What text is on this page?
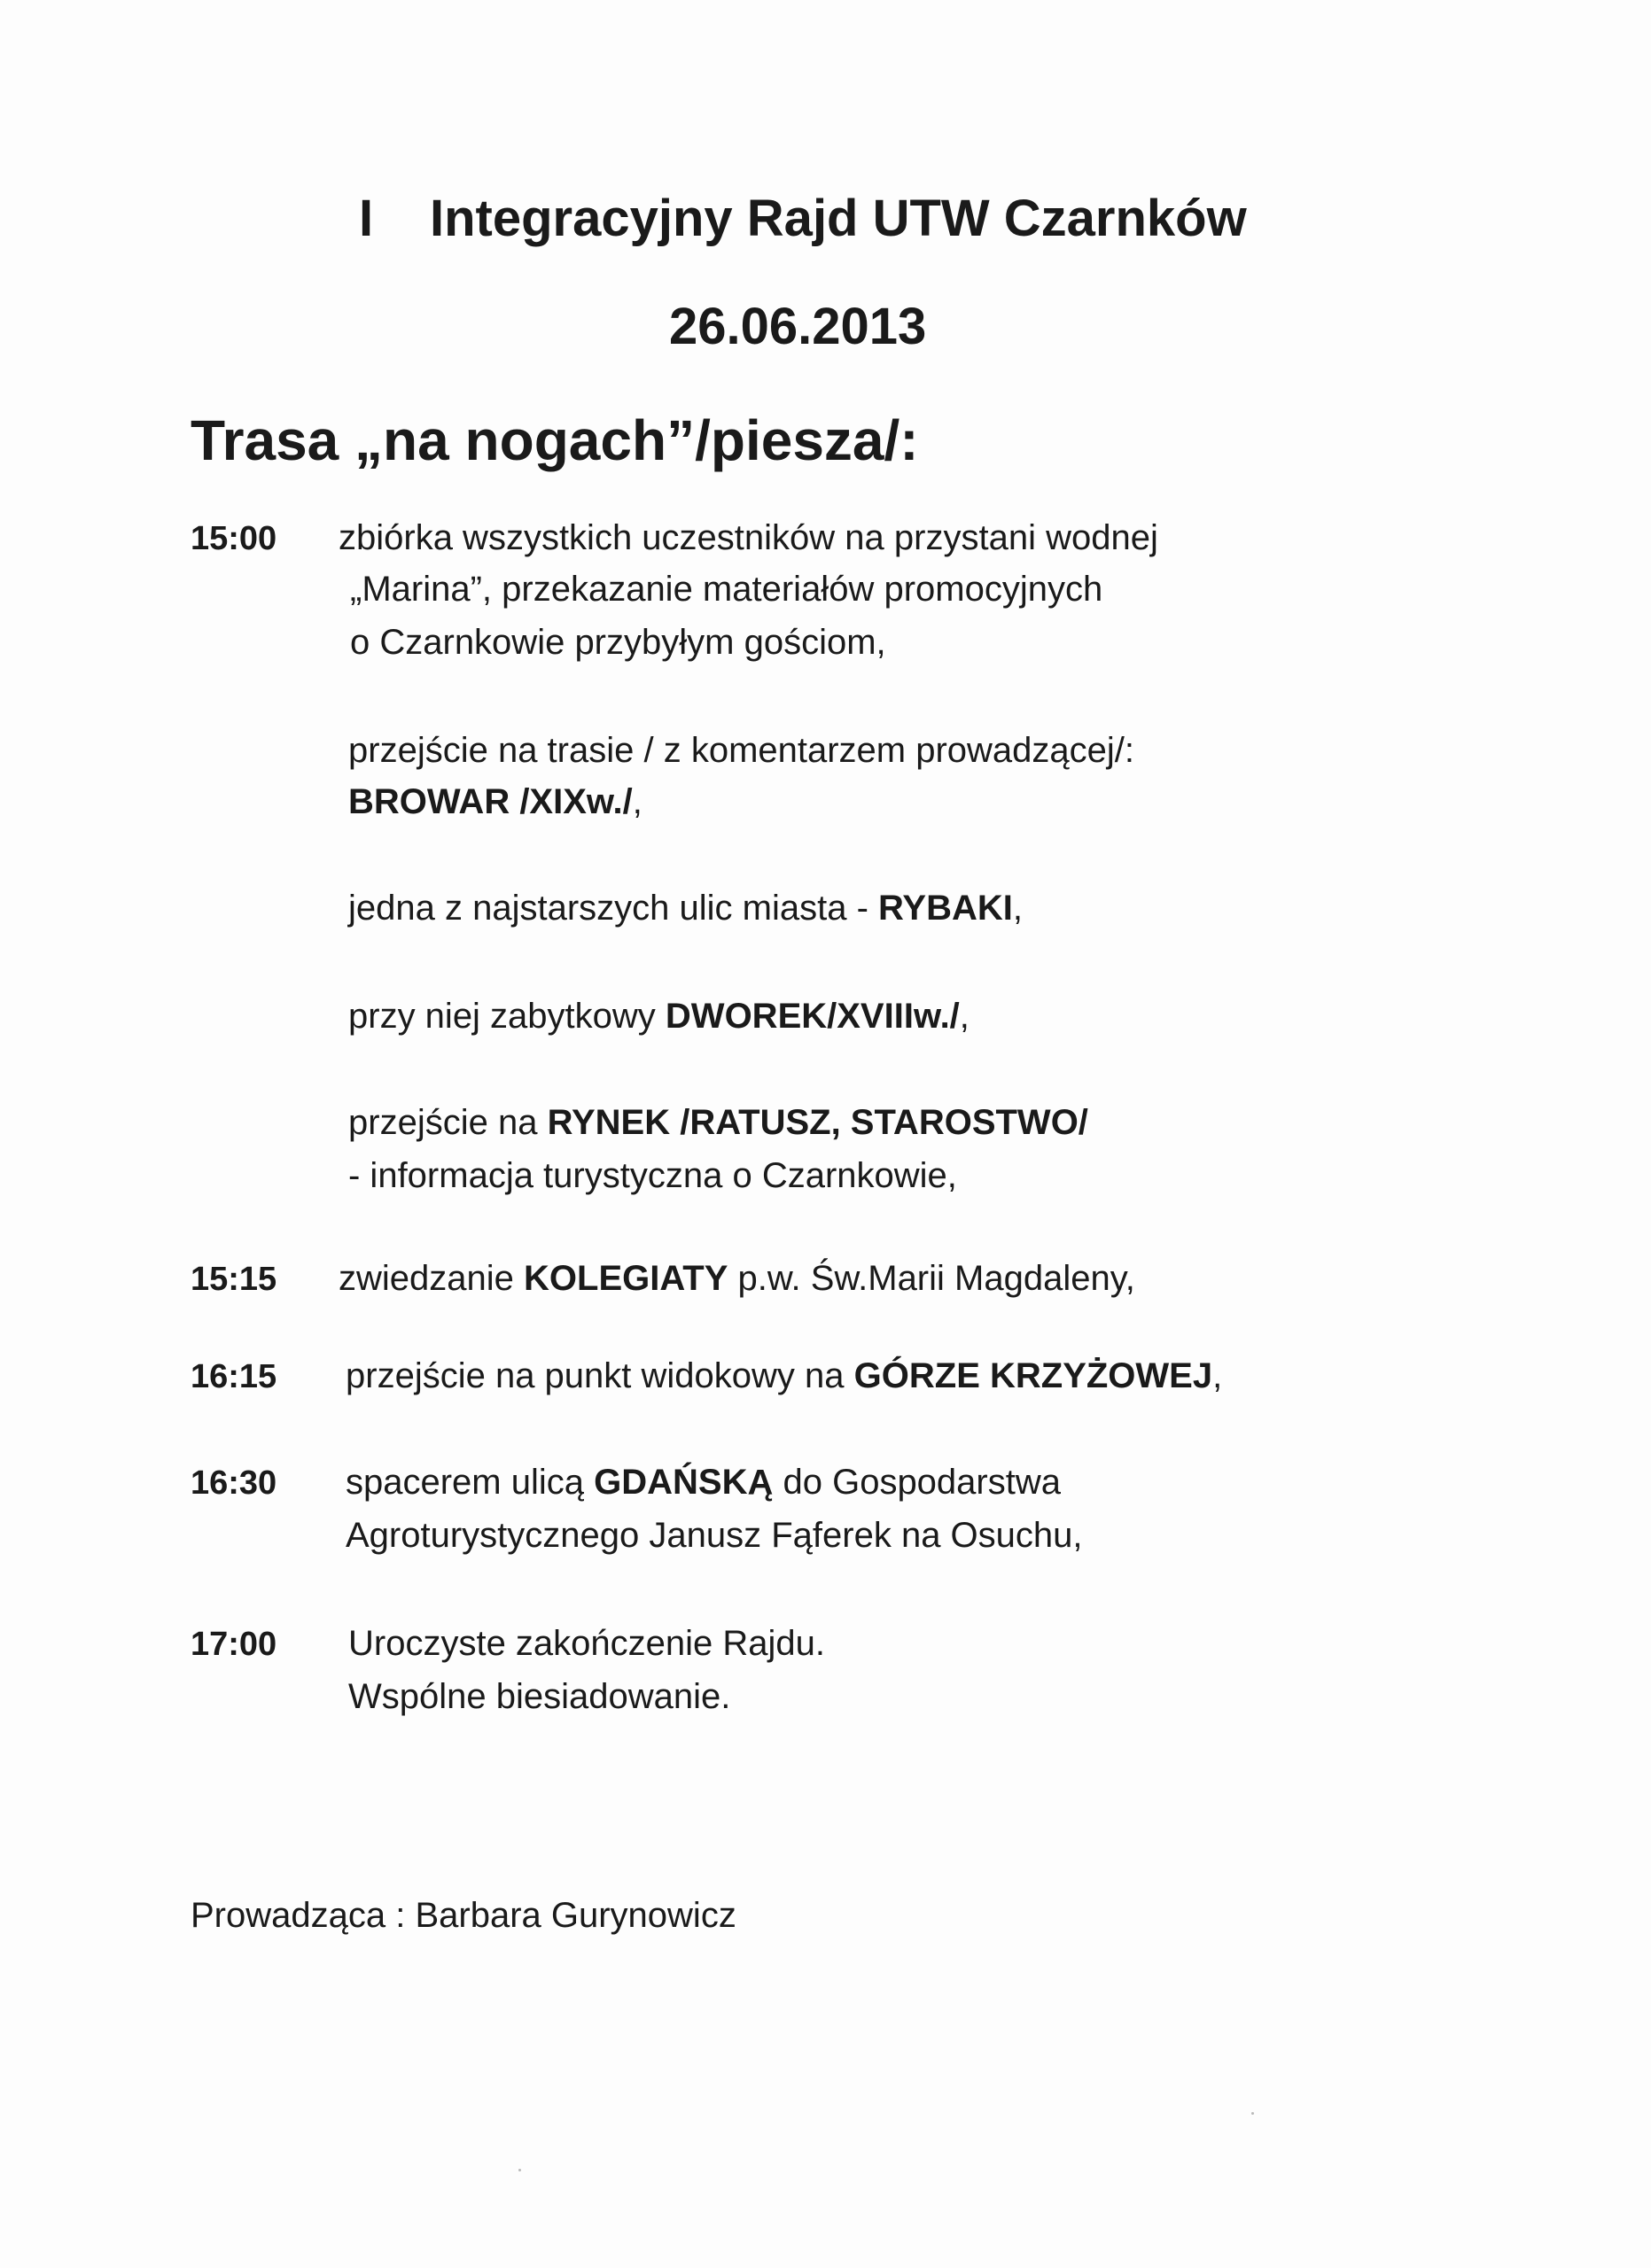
I Integracyjny Rajd UTW Czarnków
26.06.2013
Trasa „na nogach”/piesza/:
15:00 zbiórka wszystkich uczestników na przystani wodnej
„Marina”, przekazanie materiałów promocyjnych
o Czarnkowie przybyłym gościom,
przejście na trasie / z komentarzem prowadzącej/:
BROWAR /XIXw./,
jedna z najstarszych ulic miasta - RYBAKI,
przy niej zabytkowy DWOREK/XVIIIw./,
przejście na RYNEK /RATUSZ, STAROSTWO/
- informacja turystyczna o Czarnkowie,
15:15 zwiedzanie KOLEGIATY p.w. Św.Marii Magdaleny,
16:15 przejście na punkt widokowy na GÓRZE KRZYŻOWEJ,
16:30 spacerem ulicą GDAŃSKĄ do Gospodarstwa
Agroturystycznego Janusz Fąferek na Osuchu,
17:00 Uroczyste zakończenie Rajdu.
Wspólne biesiadowanie.
Prowadząca : Barbara Gurynowicz
